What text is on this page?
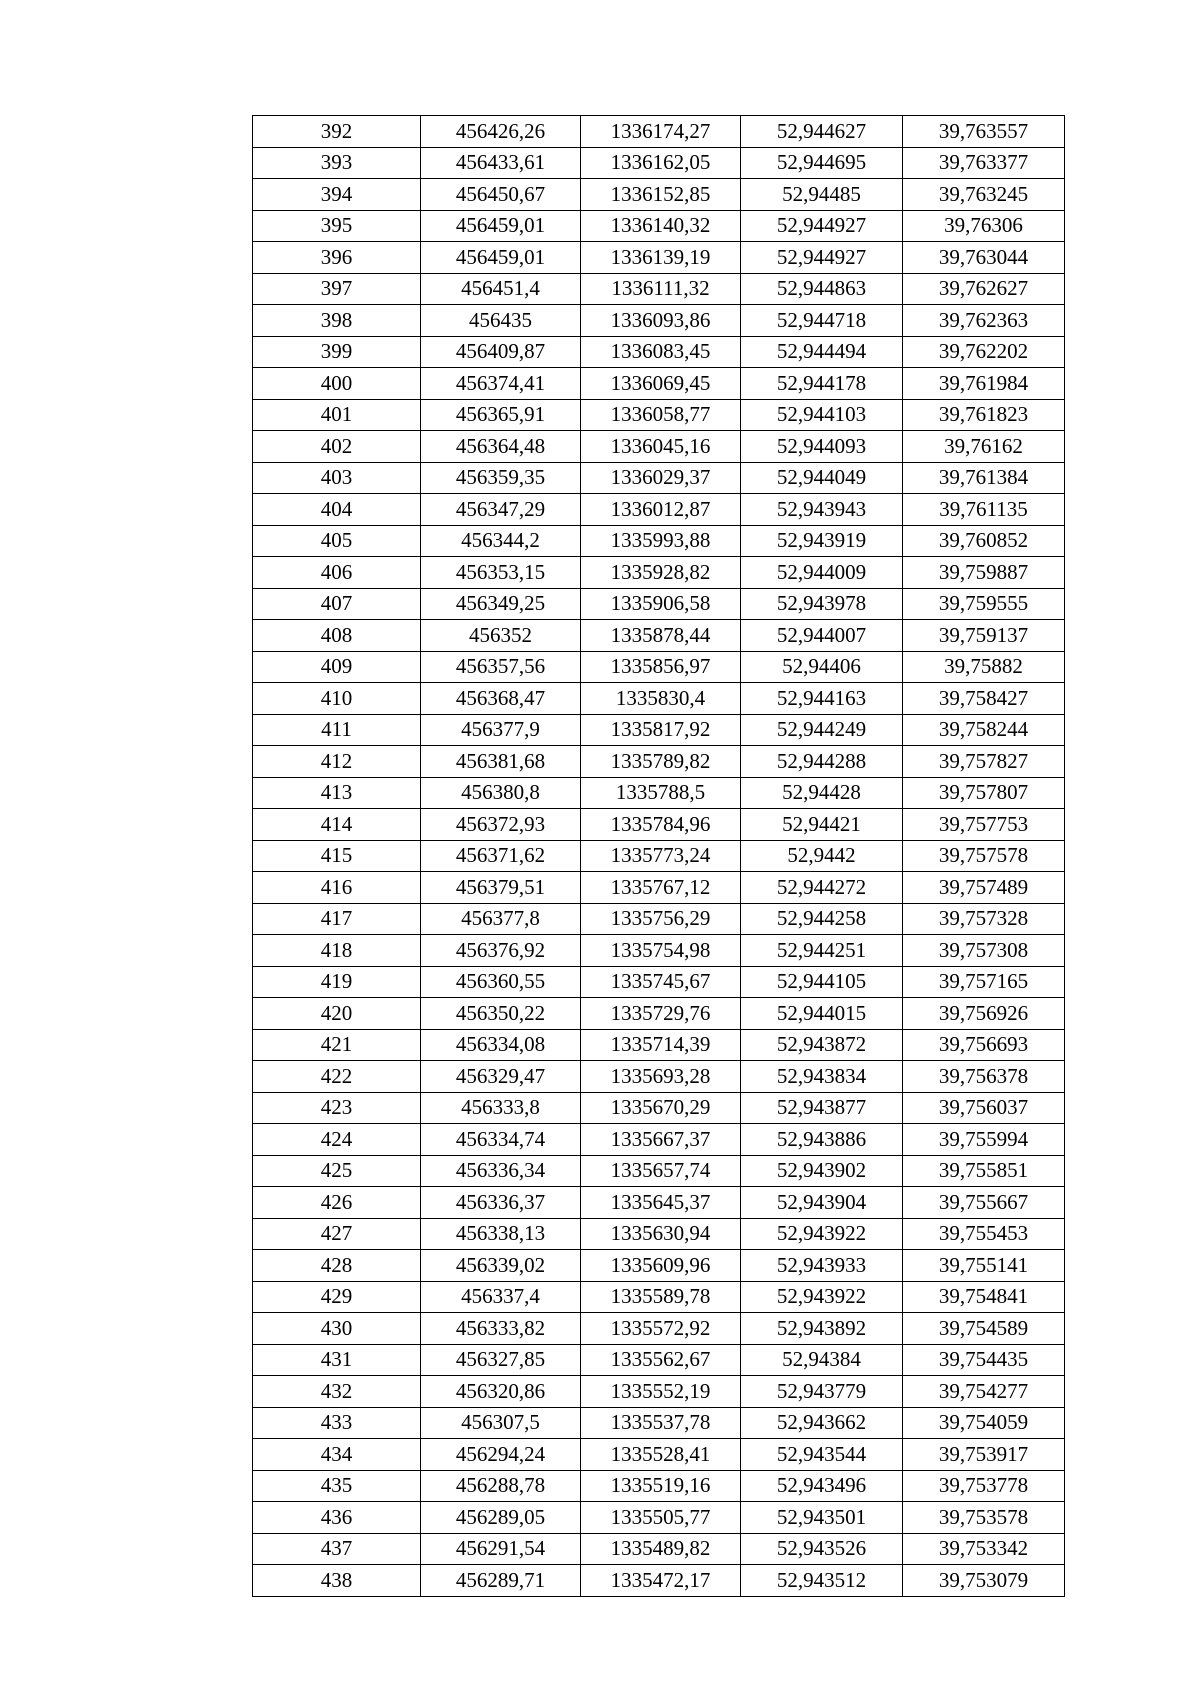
392	456426,26	1336174,27	52,944627	39,763557
393	456433,61	1336162,05	52,944695	39,763377
394	456450,67	1336152,85	52,94485	39,763245
395	456459,01	1336140,32	52,944927	39,76306
396	456459,01	1336139,19	52,944927	39,763044
397	456451,4	1336111,32	52,944863	39,762627
398	456435	1336093,86	52,944718	39,762363
399	456409,87	1336083,45	52,944494	39,762202
400	456374,41	1336069,45	52,944178	39,761984
401	456365,91	1336058,77	52,944103	39,761823
402	456364,48	1336045,16	52,944093	39,76162
403	456359,35	1336029,37	52,944049	39,761384
404	456347,29	1336012,87	52,943943	39,761135
405	456344,2	1335993,88	52,943919	39,760852
406	456353,15	1335928,82	52,944009	39,759887
407	456349,25	1335906,58	52,943978	39,759555
408	456352	1335878,44	52,944007	39,759137
409	456357,56	1335856,97	52,94406	39,75882
410	456368,47	1335830,4	52,944163	39,758427
411	456377,9	1335817,92	52,944249	39,758244
412	456381,68	1335789,82	52,944288	39,757827
413	456380,8	1335788,5	52,94428	39,757807
414	456372,93	1335784,96	52,94421	39,757753
415	456371,62	1335773,24	52,9442	39,757578
416	456379,51	1335767,12	52,944272	39,757489
417	456377,8	1335756,29	52,944258	39,757328
418	456376,92	1335754,98	52,944251	39,757308
419	456360,55	1335745,67	52,944105	39,757165
420	456350,22	1335729,76	52,944015	39,756926
421	456334,08	1335714,39	52,943872	39,756693
422	456329,47	1335693,28	52,943834	39,756378
423	456333,8	1335670,29	52,943877	39,756037
424	456334,74	1335667,37	52,943886	39,755994
425	456336,34	1335657,74	52,943902	39,755851
426	456336,37	1335645,37	52,943904	39,755667
427	456338,13	1335630,94	52,943922	39,755453
428	456339,02	1335609,96	52,943933	39,755141
429	456337,4	1335589,78	52,943922	39,754841
430	456333,82	1335572,92	52,943892	39,754589
431	456327,85	1335562,67	52,94384	39,754435
432	456320,86	1335552,19	52,943779	39,754277
433	456307,5	1335537,78	52,943662	39,754059
434	456294,24	1335528,41	52,943544	39,753917
435	456288,78	1335519,16	52,943496	39,753778
436	456289,05	1335505,77	52,943501	39,753578
437	456291,54	1335489,82	52,943526	39,753342
438	456289,71	1335472,17	52,943512	39,753079
